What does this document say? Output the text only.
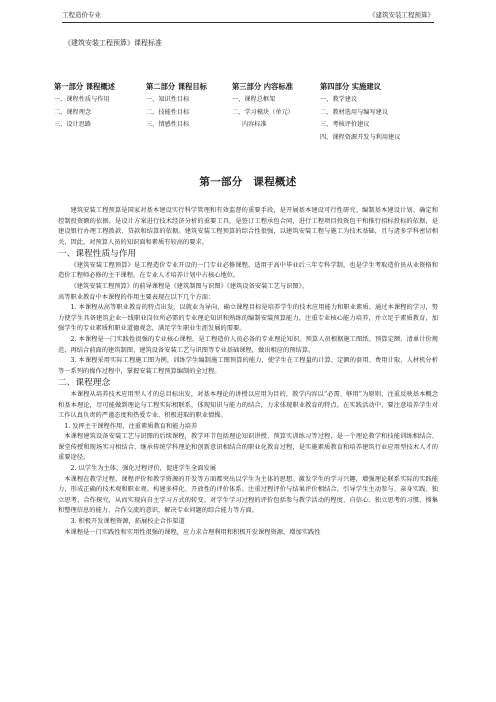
工程造价专业	《建筑安装工程预算》
《建筑安装工程预算》课程标准
第一部分 课程概述
一、课程性质与作用
二、课程理念
三、设计思路
第二部分 课程目标
一、知识性目标
二、技能性目标
三、情感性目标
第三部分 内容标准
一、课程总框架
二、学习模块（单元）
内容标准
第四部分 实施建议
一、教学建议
二、教材选用与编写建议
三、考核评价建议
四、课程资源开发与利用建议
第一部分　课程概述

建筑安装工程预算是国家对基本建设实行科学管理和有效监督的重要手段，是开展基本建设可行性研究、编制基本建设计划、确定和控制投资额的依据。是设计方案进行技术经济分析的重要工具，是签订工程承包合同，进行工程项目投资包干和推行招标投标的依据，是建设银行办理工程拨款、贷款和结算的依据。建筑安装工程预算的综合性很强，以建筑安装工程与施工为技术基础，且与诸多学科密切相关，因此，对预算人员的知识面和素质有较高的要求。

一、课程性质与作用

《建筑安装工程预算》是工程造价专业开设的一门专业必修课程，适用于高中毕业后三年专科学制，也是学生考取造价员从业资格和造价工程师必修的主干课程。在专业人才培养计划中占核心地位。

《建筑安装工程预算》的前导课程是《建筑制图与识图》《建筑设备安装工艺与识图》。

高等职业教育中本课程的作用主要表现在以下几个方面：

1. 本课程从高等职业教育的特点出发，以就业为导向，确立课程目标是培养学生的技术应用能力和职业素质。通过本课程的学习，努力使学生具备建筑企业一线职业岗位所必需的专业理论知识和熟练的编制安装预算能力，注重专业核心能力培养，并立足于素质教育，加强学生的专业素质和职业道德观念，满足学生职业生涯发展的需要。

2. 本课程是一门实践性很强的专业核心课程，是工程造价人员必备的专业理论知识。预算人员根据施工图纸、预算定额、清单计价规范，再结合前面的建筑制图、建筑设备安装工艺与识图等专业基础课程，做出相应的预结算。

3. 本课程采用实际工程施工图为例，训练学生编制施工图预算的能力，使学生在工程量的计算、定额的套用、费用计取、人材机分析等一系列的操作过程中，掌握安装工程预算编制的全过程。

二、课程理念

本课程从培养技术应用型人才的总目标出发，对基本理论的讲授以应用为目的，教学内容以“必需、够用”为原则，注重反映基本概念和基本理论，尽可能做到理论与工程实际相联系，体现知识与能力的结合，力求体现职业教育的特点。在实践活动中，要注意培养学生对工作认真负责的严谨态度和热爱专业、积极进取的职业情操。

1. 发挥主干课程作用，注重素质教育和能力培养

本课程建筑设备安装工艺与识图的后续课程，教学环节包括理论知识讲授、预算实训练习等过程，是一个理论教学和技能训练相结合、课堂传授和现场实习相结合、继承传统学科理论和创新意识相结合的职业化教育过程，是实施素质教育和培养建筑行业应用型技术人才的重要途径。

2. 以学生为主体，强化过程评价，促进学生全面发展

本课程在教学过程、课程评价和教学资源的开发等方面都突出以学生为主体的思想。激发学生的学习兴趣，增强理论联系实际的实践能力，形成正确的技术观和职业观。构建多样化、开放性的评价体系。注重过程评价与结果评价相结合，引导学生主动参与、亲身实践、独立思考、合作探究，从而实现向自主学习方式的转变。对学生学习过程的评价包括参与教学活动的程度、自信心、独立思考的习惯、搜集和整理信息的能力、合作交流的意识，解决专业问题的综合能力等方面。

3. 积极开发课程资源，拓展校企合作渠道

本课程是一门实践性和实用性很强的课程，应力求合理利用和积极开发课程资源，增加实践性
